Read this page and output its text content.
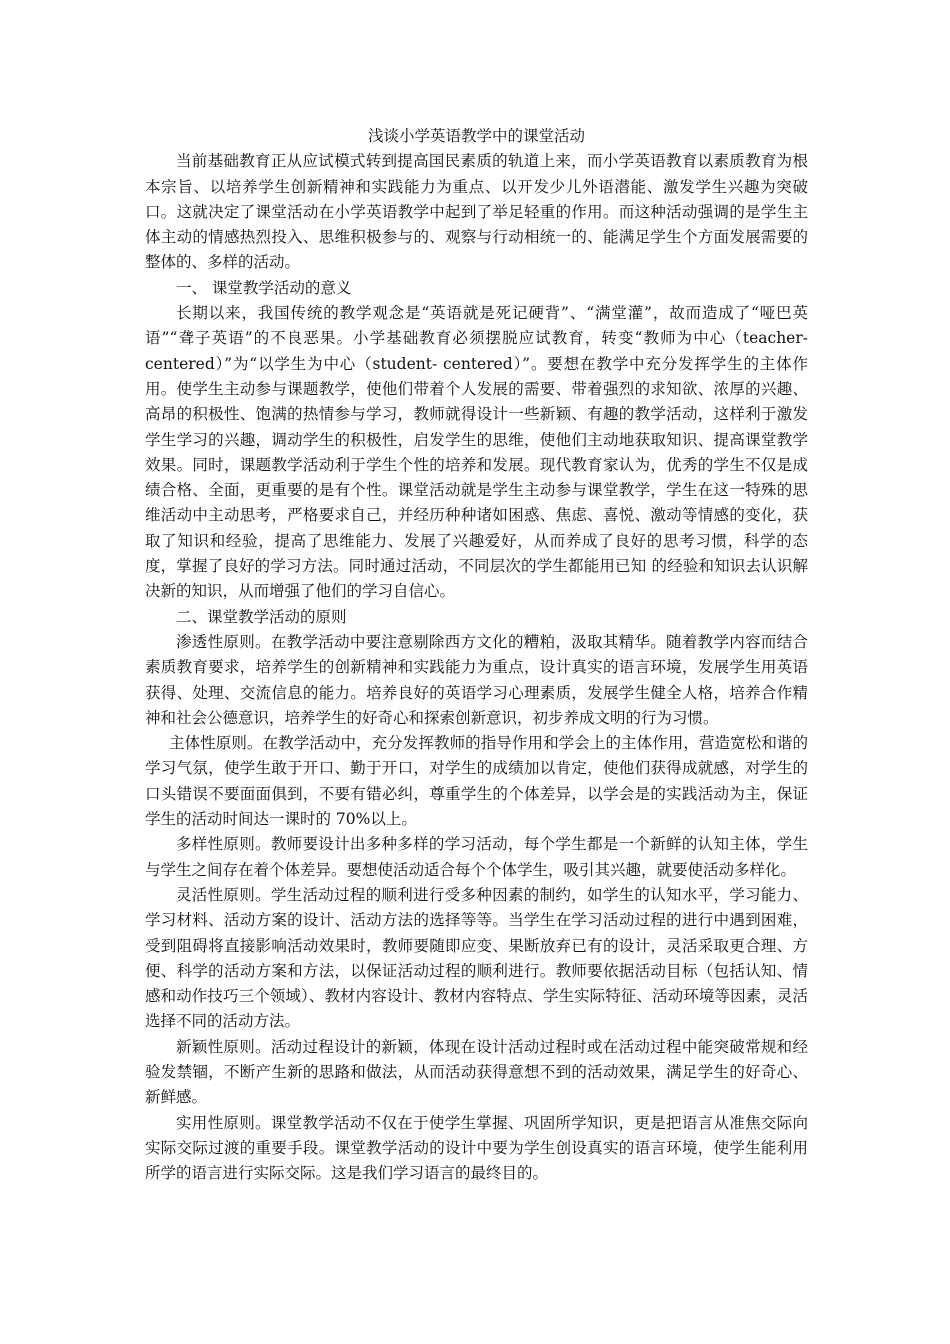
浅谈小学英语教学中的课堂活动

当前基础教育正从应试模式转到提高国民素质的轨道上来，而小学英语教育以素质教育为根本宗旨、以培养学生创新精神和实践能力为重点、以开发少儿外语潜能、激发学生兴趣为突破口。这就决定了课堂活动在小学英语教学中起到了举足轻重的作用。而这种活动强调的是学生主体主动的情感热烈投入、思维积极参与的、观察与行动相统一的、能满足学生个方面发展需要的整体的、多样的活动。

一、 课堂教学活动的意义

长期以来，我国传统的教学观念是“英语就是死记硬背”、“满堂灌”，故而造成了“哑巴英语”“聋子英语”的不良恶果。小学基础教育必须摆脱应试教育，转变“教师为中心（teacher-centered）”为“以学生为中心（student- centered）”。要想在教学中充分发挥学生的主体作用。使学生主动参与课题教学，使他们带着个人发展的需要、带着强烈的求知欲、浓厚的兴趣、高昂的积极性、饱满的热情参与学习，教师就得设计一些新颖、有趣的教学活动，这样利于激发学生学习的兴趣，调动学生的积极性，启发学生的思维，使他们主动地获取知识、提高课堂教学效果。同时，课题教学活动利于学生个性的培养和发展。现代教育家认为，优秀的学生不仅是成绩合格、全面，更重要的是有个性。课堂活动就是学生主动参与课堂教学，学生在这一特殊的思维活动中主动思考，严格要求自己，并经历种种诸如困惑、焦虑、喜悦、激动等情感的变化，获取了知识和经验，提高了思维能力、发展了兴趣爱好，从而养成了良好的思考习惯，科学的态度，掌握了良好的学习方法。同时通过活动，不同层次的学生都能用已知 的经验和知识去认识解决新的知识，从而增强了他们的学习自信心。

二、课堂教学活动的原则

渗透性原则。在教学活动中要注意剔除西方文化的糟粕，汲取其精华。随着教学内容而结合素质教育要求，培养学生的创新精神和实践能力为重点，设计真实的语言环境，发展学生用英语获得、处理、交流信息的能力。培养良好的英语学习心理素质，发展学生健全人格，培养合作精神和社会公德意识，培养学生的好奇心和探索创新意识，初步养成文明的行为习惯。

主体性原则。在教学活动中，充分发挥教师的指导作用和学会上的主体作用，营造宽松和谐的学习气氛，使学生敢于开口、勤于开口，对学生的成绩加以肯定，使他们获得成就感，对学生的口头错误不要面面俱到，不要有错必纠，尊重学生的个体差异，以学会是的实践活动为主，保证学生的活动时间达一课时的 70%以上。

多样性原则。教师要设计出多种多样的学习活动，每个学生都是一个新鲜的认知主体，学生与学生之间存在着个体差异。要想使活动适合每个个体学生，吸引其兴趣，就要使活动多样化。

灵活性原则。学生活动过程的顺利进行受多种因素的制约，如学生的认知水平，学习能力、学习材料、活动方案的设计、活动方法的选择等等。当学生在学习活动过程的进行中遇到困难，受到阻碍将直接影响活动效果时，教师要随即应变、果断放弃已有的设计，灵活采取更合理、方便、科学的活动方案和方法，以保证活动过程的顺利进行。教师要依据活动目标（包括认知、情感和动作技巧三个领域）、教材内容设计、教材内容特点、学生实际特征、活动环境等因素，灵活选择不同的活动方法。

新颖性原则。活动过程设计的新颖，体现在设计活动过程时或在活动过程中能突破常规和经验发禁锢，不断产生新的思路和做法，从而活动获得意想不到的活动效果，满足学生的好奇心、新鲜感。

实用性原则。课堂教学活动不仅在于使学生掌握、巩固所学知识，更是把语言从准焦交际向实际交际过渡的重要手段。课堂教学活动的设计中要为学生创设真实的语言环境，使学生能利用所学的语言进行实际交际。这是我们学习语言的最终目的。
